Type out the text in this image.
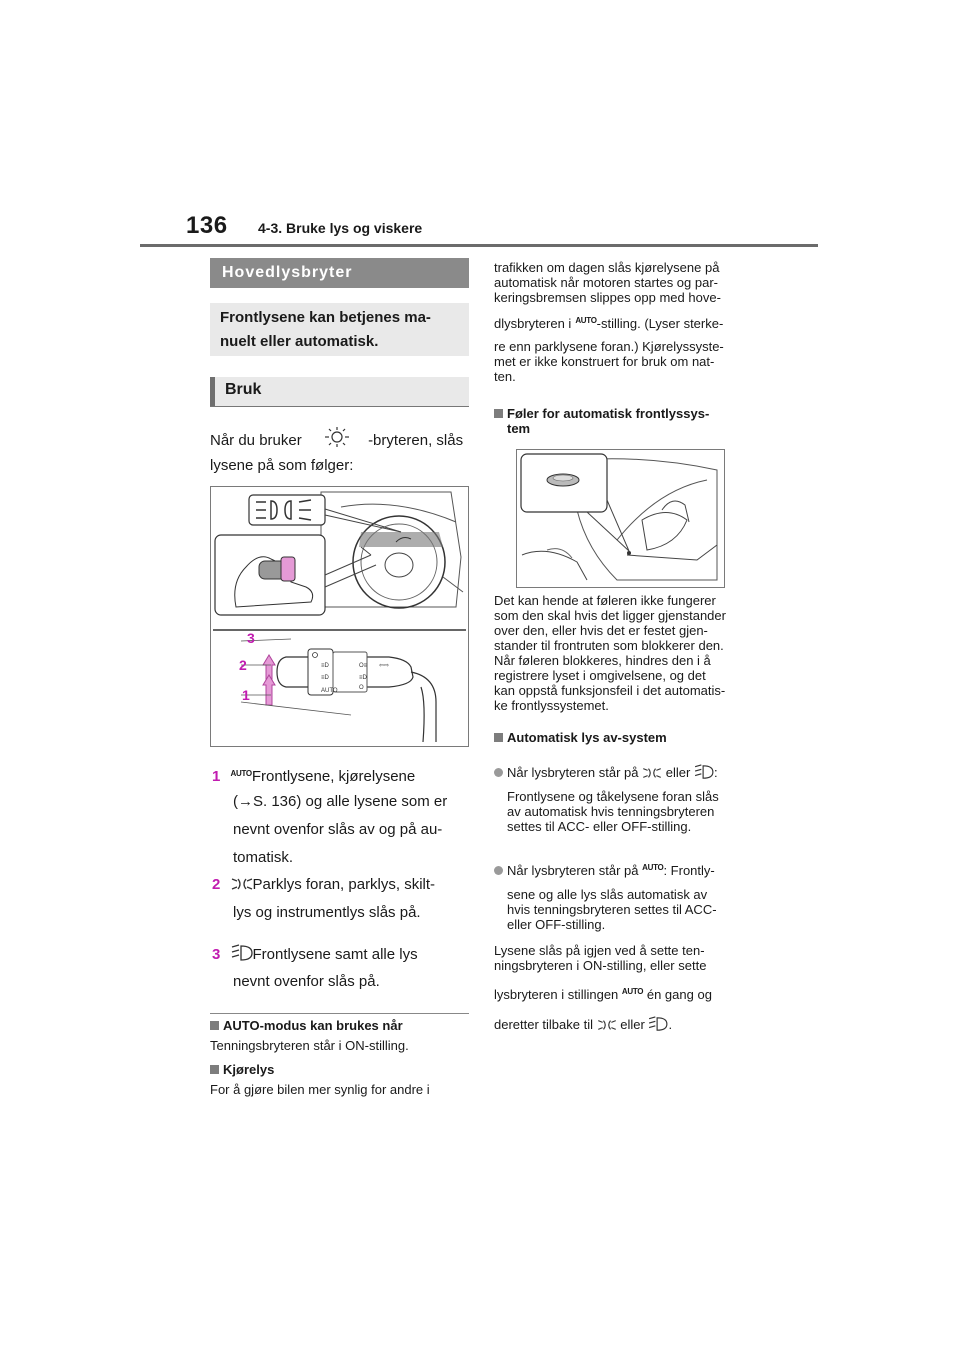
136 4-3. Bruke lys og viskere
Hovedlysbryter
Frontlysene kan betjenes ma-
nuelt eller automatisk.
Bruk
Når du bruker	-bryteren, slås
lysene på som følger:
≡D
≡D
AUTO
O≡
≡D
O
⇦⇨
3
2
1
1 $^{AUTO}$Frontlysene, kjørelysene
(→S. 136) og alle lysene som er
nevnt ovenfor slås av og på au-
tomatisk.
2 Parklys foran, parklys, skilt-
lys og instrumentlys slås på.
3 Frontlysene samt alle lys
nevnt ovenfor slås på.
AUTO-modus kan brukes når
Tenningsbryteren står i ON-stilling.
Kjørelys
For å gjøre bilen mer synlig for andre i
trafikken om dagen slås kjørelysene på
automatisk når motoren startes og par-
keringsbremsen slippes opp med hove-
dlysbryteren i $^{AUTO}$-stilling. (Lyser sterke-
re enn parklysene foran.) Kjørelyssyste-
met er ikke konstruert for bruk om nat-
ten.
Føler for automatisk frontlyssys-
tem
Det kan hende at føleren ikke fungerer
som den skal hvis det ligger gjenstander
over den, eller hvis det er festet gjen-
stander til frontruten som blokkerer den.
Når føleren blokkeres, hindres den i å
registrere lyset i omgivelsene, og det
kan oppstå funksjonsfeil i det automatis-
ke frontlyssystemet.
Automatisk lys av-system
Når lysbryteren står på eller :
Frontlysene og tåkelysene foran slås
av automatisk hvis tenningsbryteren
settes til ACC- eller OFF-stilling.
Når lysbryteren står på $^{AUTO}$: Frontly-
sene og alle lys slås automatisk av
hvis tenningsbryteren settes til ACC-
eller OFF-stilling.
Lysene slås på igjen ved å sette ten-
ningsbryteren i ON-stilling, eller sette
lysbryteren i stillingen $^{AUTO}$ én gang og
deretter tilbake til eller .
